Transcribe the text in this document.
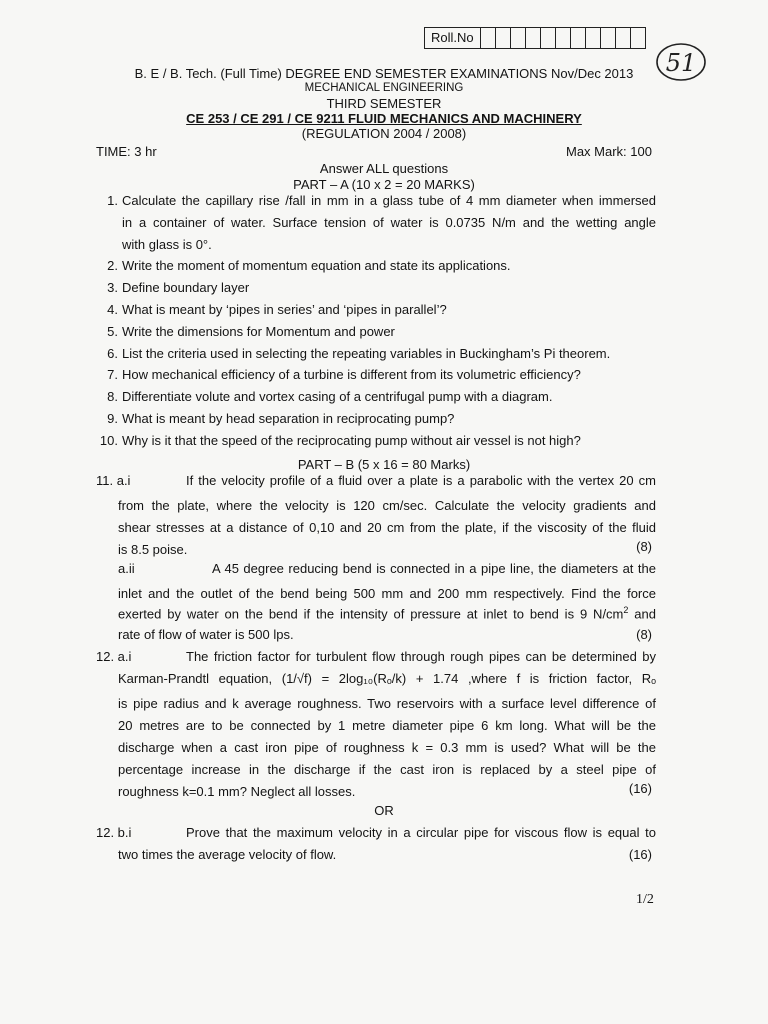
Roll.No
51
B. E / B. Tech. (Full Time) DEGREE END SEMESTER EXAMINATIONS Nov/Dec 2013
MECHANICAL ENGINEERING
THIRD SEMESTER
CE 253 / CE 291 / CE 9211 FLUID MECHANICS AND MACHINERY
(REGULATION 2004 / 2008)
TIME: 3 hr	Max Mark: 100
Answer ALL questions
PART – A (10 x 2 = 20 MARKS)
1. Calculate the capillary rise /fall in mm in a glass tube of 4 mm diameter when immersed
in a container of water. Surface tension of water is 0.0735 N/m and the wetting angle
with glass is 0°.
2. Write the moment of momentum equation and state its applications.
3. Define boundary layer
4. What is meant by ‘pipes in series’ and ‘pipes in parallel’?
5. Write the dimensions for Momentum and power
6. List the criteria used in selecting the repeating variables in Buckingham’s Pi theorem.
7. How mechanical efficiency of a turbine is different from its volumetric efficiency?
8. Differentiate volute and vortex casing of a centrifugal pump with a diagram.
9. What is meant by head separation in reciprocating pump?
10. Why is it that the speed of the reciprocating pump without air vessel is not high?
PART – B (5 x 16 = 80 Marks)
11. a.i	If the velocity profile of a fluid over a plate is a parabolic with the vertex 20 cm
from the plate, where the velocity is 120 cm/sec. Calculate the velocity gradients and
shear stresses at a distance of 0,10 and 20 cm from the plate, if the viscosity of the fluid
is 8.5 poise.	(8)
a.ii	A 45 degree reducing bend is connected in a pipe line, the diameters at the
inlet and the outlet of the bend being 500 mm and 200 mm respectively. Find the force
exerted by water on the bend if the intensity of pressure at inlet to bend is 9 $N/cm^2$ and
rate of flow of water is 500 lps.	(8)
12. a.i	The friction factor for turbulent flow through rough pipes can be determined by
Karman-Prandtl equation, (1/√f) = 2log₁₀(Rₒ/k) + 1.74 ,where f is friction factor, Rₒ
is pipe radius and k average roughness. Two reservoirs with a surface level difference of
20 metres are to be connected by 1 metre diameter pipe 6 km long. What will be the
discharge when a cast iron pipe of roughness k = 0.3 mm is used? What will be the
percentage increase in the discharge if the cast iron is replaced by a steel pipe of
roughness k=0.1 mm? Neglect all losses.	(16)
OR
12. b.i	Prove that the maximum velocity in a circular pipe for viscous flow is equal to
two times the average velocity of flow.	(16)
1/2
